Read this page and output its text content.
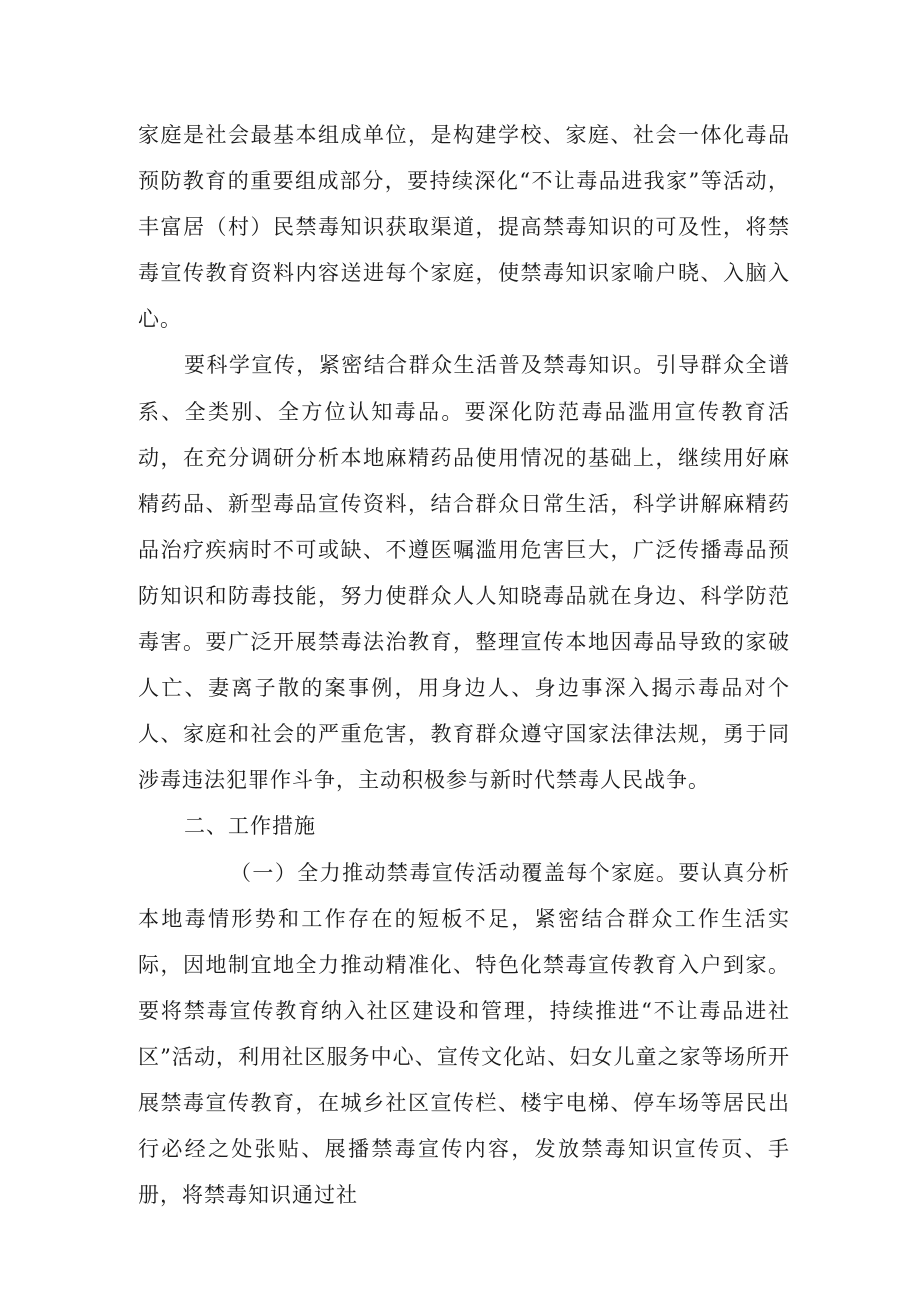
家庭是社会最基本组成单位，是构建学校、家庭、社会一体化毒品预防教育的重要组成部分，要持续深化“不让毒品进我家”等活动，丰富居（村）民禁毒知识获取渠道，提高禁毒知识的可及性，将禁毒宣传教育资料内容送进每个家庭，使禁毒知识家喻户晓、入脑入心。

要科学宣传，紧密结合群众生活普及禁毒知识。引导群众全谱系、全类别、全方位认知毒品。要深化防范毒品滥用宣传教育活动，在充分调研分析本地麻精药品使用情况的基础上，继续用好麻精药品、新型毒品宣传资料，结合群众日常生活，科学讲解麻精药品治疗疾病时不可或缺、不遵医嘱滥用危害巨大，广泛传播毒品预防知识和防毒技能，努力使群众人人知晓毒品就在身边、科学防范毒害。要广泛开展禁毒法治教育，整理宣传本地因毒品导致的家破人亡、妻离子散的案事例，用身边人、身边事深入揭示毒品对个人、家庭和社会的严重危害，教育群众遵守国家法律法规，勇于同涉毒违法犯罪作斗争，主动积极参与新时代禁毒人民战争。

二、工作措施

（一）全力推动禁毒宣传活动覆盖每个家庭。要认真分析本地毒情形势和工作存在的短板不足，紧密结合群众工作生活实际，因地制宜地全力推动精准化、特色化禁毒宣传教育入户到家。要将禁毒宣传教育纳入社区建设和管理，持续推进“不让毒品进社区”活动，利用社区服务中心、宣传文化站、妇女儿童之家等场所开展禁毒宣传教育，在城乡社区宣传栏、楼宇电梯、停车场等居民出行必经之处张贴、展播禁毒宣传内容，发放禁毒知识宣传页、手册，将禁毒知识通过社
